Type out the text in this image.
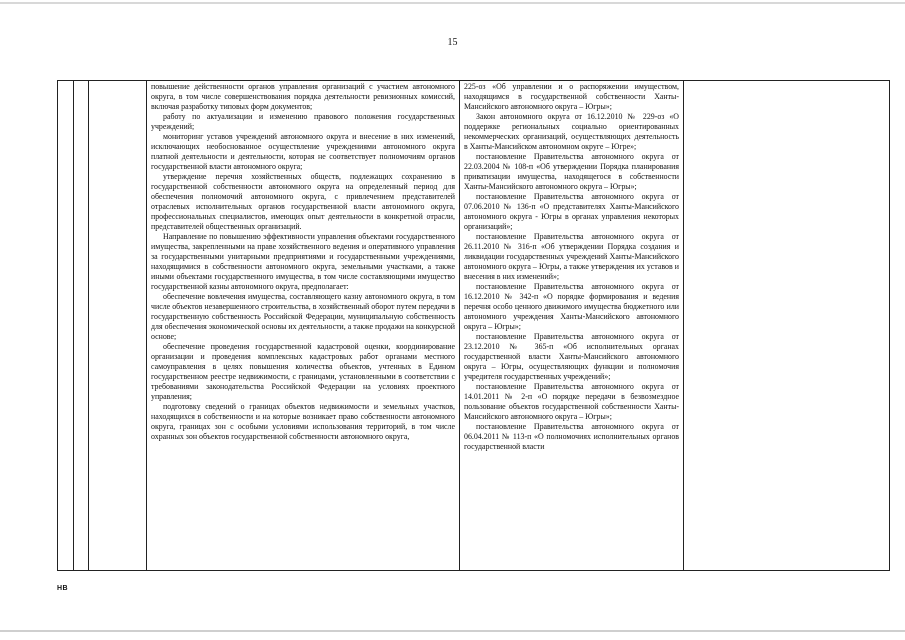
15

повышение действенности органов управления организаций с участием автономного округа, в том числе совершенствования порядка деятельности ревизионных комиссий, включая разработку типовых форм документов;

работу по актуализации и изменению правового положения государственных учреждений;

мониторинг уставов учреждений автономного округа и внесение в них изменений, исключающих необоснованное осуществление учреждениями автономного округа платной деятельности и деятельности, которая не соответствует полномочиям органов государственной власти автономного округа;

утверждение перечня хозяйственных обществ, подлежащих сохранению в государственной собственности автономного округа на определенный период для обеспечения полномочий автономного округа, с привлечением представителей отраслевых исполнительных органов государственной власти автономного округа, профессиональных специалистов, имеющих опыт деятельности в конкретной отрасли, представителей общественных организаций.

Направление по повышению эффективности управления объектами государственного имущества, закрепленными на праве хозяйственного ведения и оперативного управления за государственными унитарными предприятиями и государственными учреждениями, находящимися в собственности автономного округа, земельными участками, а также иными объектами государственного имущества, в том числе составляющими имущество государственной казны автономного округа, предполагает:

обеспечение вовлечения имущества, составляющего казну автономного округа, в том числе объектов незавершенного строительства, в хозяйственный оборот путем передачи в государственную собственность Российской Федерации, муниципальную собственность для обеспечения экономической основы их деятельности, а также продажи на конкурсной основе;

обеспечение проведения государственной кадастровой оценки, координирование организации и проведения комплексных кадастровых работ органами местного самоуправления в целях повышения количества объектов, учтенных в Едином государственном реестре недвижимости, с границами, установленными в соответствии с требованиями законодательства Российской Федерации на условиях проектного управления;

подготовку сведений о границах объектов недвижимости и земельных участков, находящихся в собственности и на которые возникает право собственности автономного округа, границах зон с особыми условиями использования территорий, в том числе охранных зон объектов государственной собственности автономного округа,

225-оз «Об управлении и о распоряжении имуществом, находящимся в государственной собственности Ханты-Мансийского автономного округа – Югры»;

Закон автономного округа от 16.12.2010 № 229-оз «О поддержке региональных социально ориентированных некоммерческих организаций, осуществляющих деятельность в Ханты-Мансийском автономном округе – Югре»;

постановление Правительства автономного округа от 22.03.2004 № 108-п «Об утверждении Порядка планирования приватизации имущества, находящегося в собственности Ханты-Мансийского автономного округа – Югры»;

постановление Правительства автономного округа от 07.06.2010 № 136-п «О представителях Ханты-Мансийского автономного округа - Югры в органах управления некоторых организаций»;

постановление Правительства автономного округа от 26.11.2010 № 316-п «Об утверждении Порядка создания и ликвидации государственных учреждений Ханты-Мансийского автономного округа – Югры, а также утверждения их уставов и внесения в них изменений»;

постановление Правительства автономного округа от 16.12.2010 № 342-п «О порядке формирования и ведения перечня особо ценного движимого имущества бюджетного или автономного учреждения Ханты-Мансийского автономного округа – Югры»;

постановление Правительства автономного округа от 23.12.2010 № 365-п «Об исполнительных органах государственной власти Ханты-Мансийского автономного округа – Югры, осуществляющих функции и полномочия учредителя государственных учреждений»;

постановление Правительства автономного округа от 14.01.2011 № 2-п «О порядке передачи в безвозмездное пользование объектов государственной собственности Ханты-Мансийского автономного округа – Югры»;

постановление Правительства автономного округа от 06.04.2011 № 113-п «О полномочиях исполнительных органов государственной власти

HB
